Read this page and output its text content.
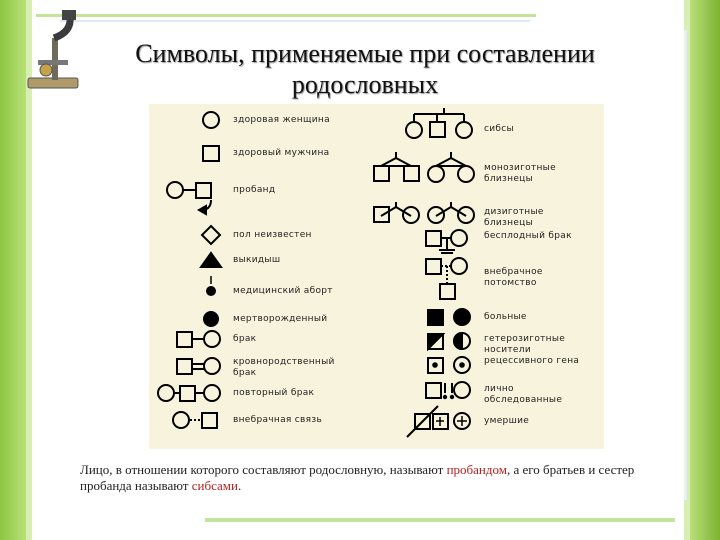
Символы, применяемые при составлении
родословных
здоровая женщина
здоровый мужчина
пробанд
пол неизвестен
выкидыш
медицинский аборт
мертворожденный
брак
кровнородственный брак
повторный брак
внебрачная связь
сибсы
монозиготные близнецы
дизиготные близнецы
бесплодный брак
внебрачное потомство
больные
гетерозиготные носители рецессивного гена
лично обследованные
умершие
Лицо, в отношении которого составляют родословную, называют пробандом, а его братьев и сестер пробанда называют сибсами.
